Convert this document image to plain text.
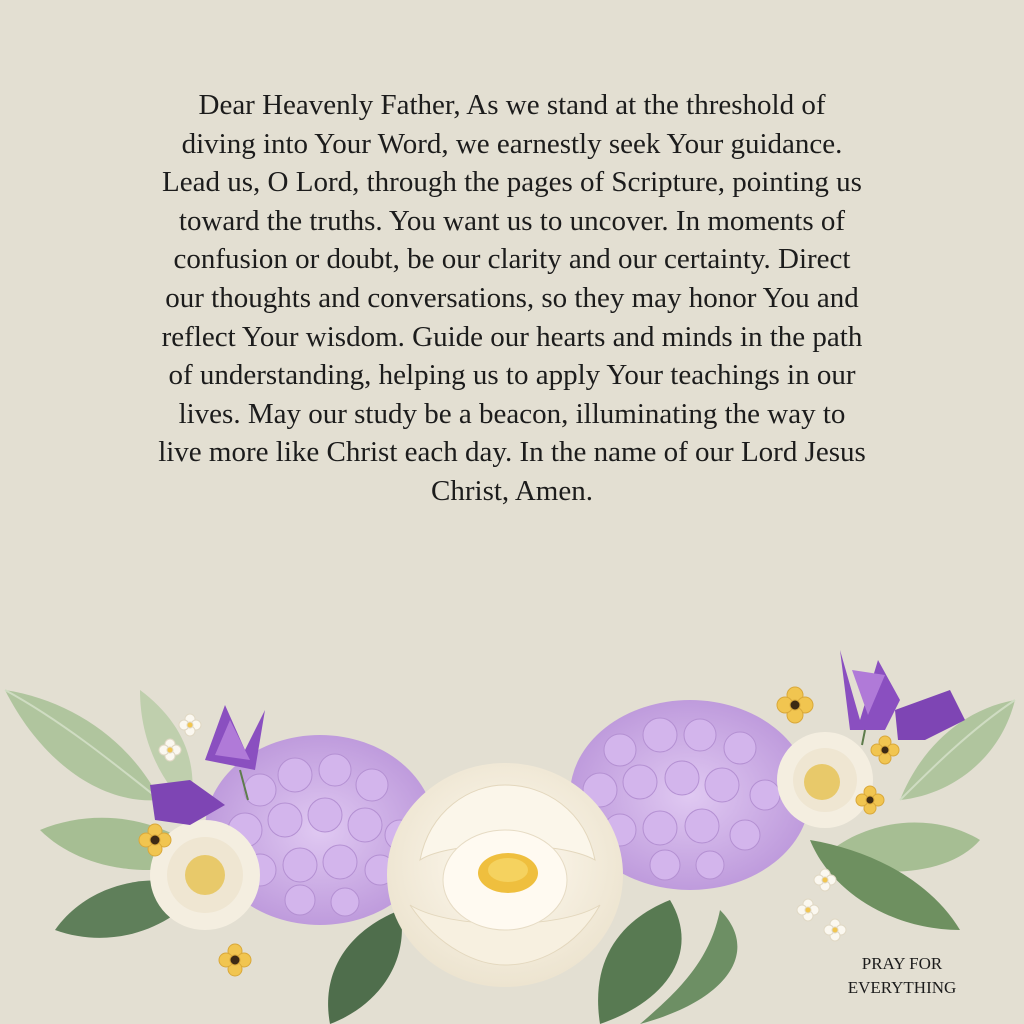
Dear Heavenly Father, As we stand at the threshold of
diving into Your Word, we earnestly seek Your guidance.
Lead us, O Lord, through the pages of Scripture, pointing us
toward the truths. You want us to uncover. In moments of
confusion or doubt, be our clarity and our certainty. Direct
our thoughts and conversations, so they may honor You and
reflect Your wisdom. Guide our hearts and minds in the path
of understanding, helping us to apply Your teachings in our
lives. May our study be a beacon, illuminating the way to
live more like Christ each day. In the name of our Lord Jesus
Christ, Amen.
PRAY FOR
EVERYTHING
